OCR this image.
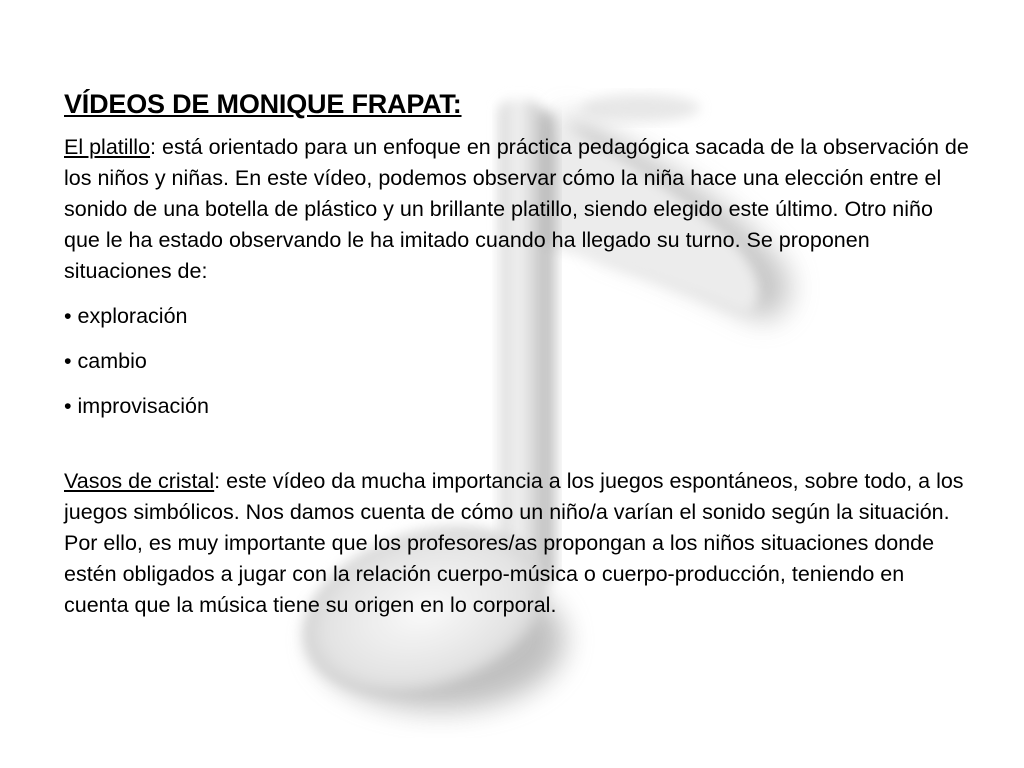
VÍDEOS DE MONIQUE FRAPAT:

El platillo: está orientado para un enfoque en práctica pedagógica sacada de la observación de los niños y niñas. En este vídeo, podemos observar cómo la niña hace una elección entre el sonido de una botella de plástico y un brillante platillo, siendo elegido este último. Otro niño que le ha estado observando le ha imitado cuando ha llegado su turno. Se proponen situaciones de:

• exploración

• cambio

• improvisación

Vasos de cristal: este vídeo da mucha importancia a los juegos espontáneos, sobre todo, a los juegos simbólicos. Nos damos cuenta de cómo un niño/a varían el sonido según la situación. Por ello, es muy importante que los profesores/as propongan a los niños situaciones donde estén obligados a jugar con la relación cuerpo-música o cuerpo-producción, teniendo en cuenta que la música tiene su origen en lo corporal.
